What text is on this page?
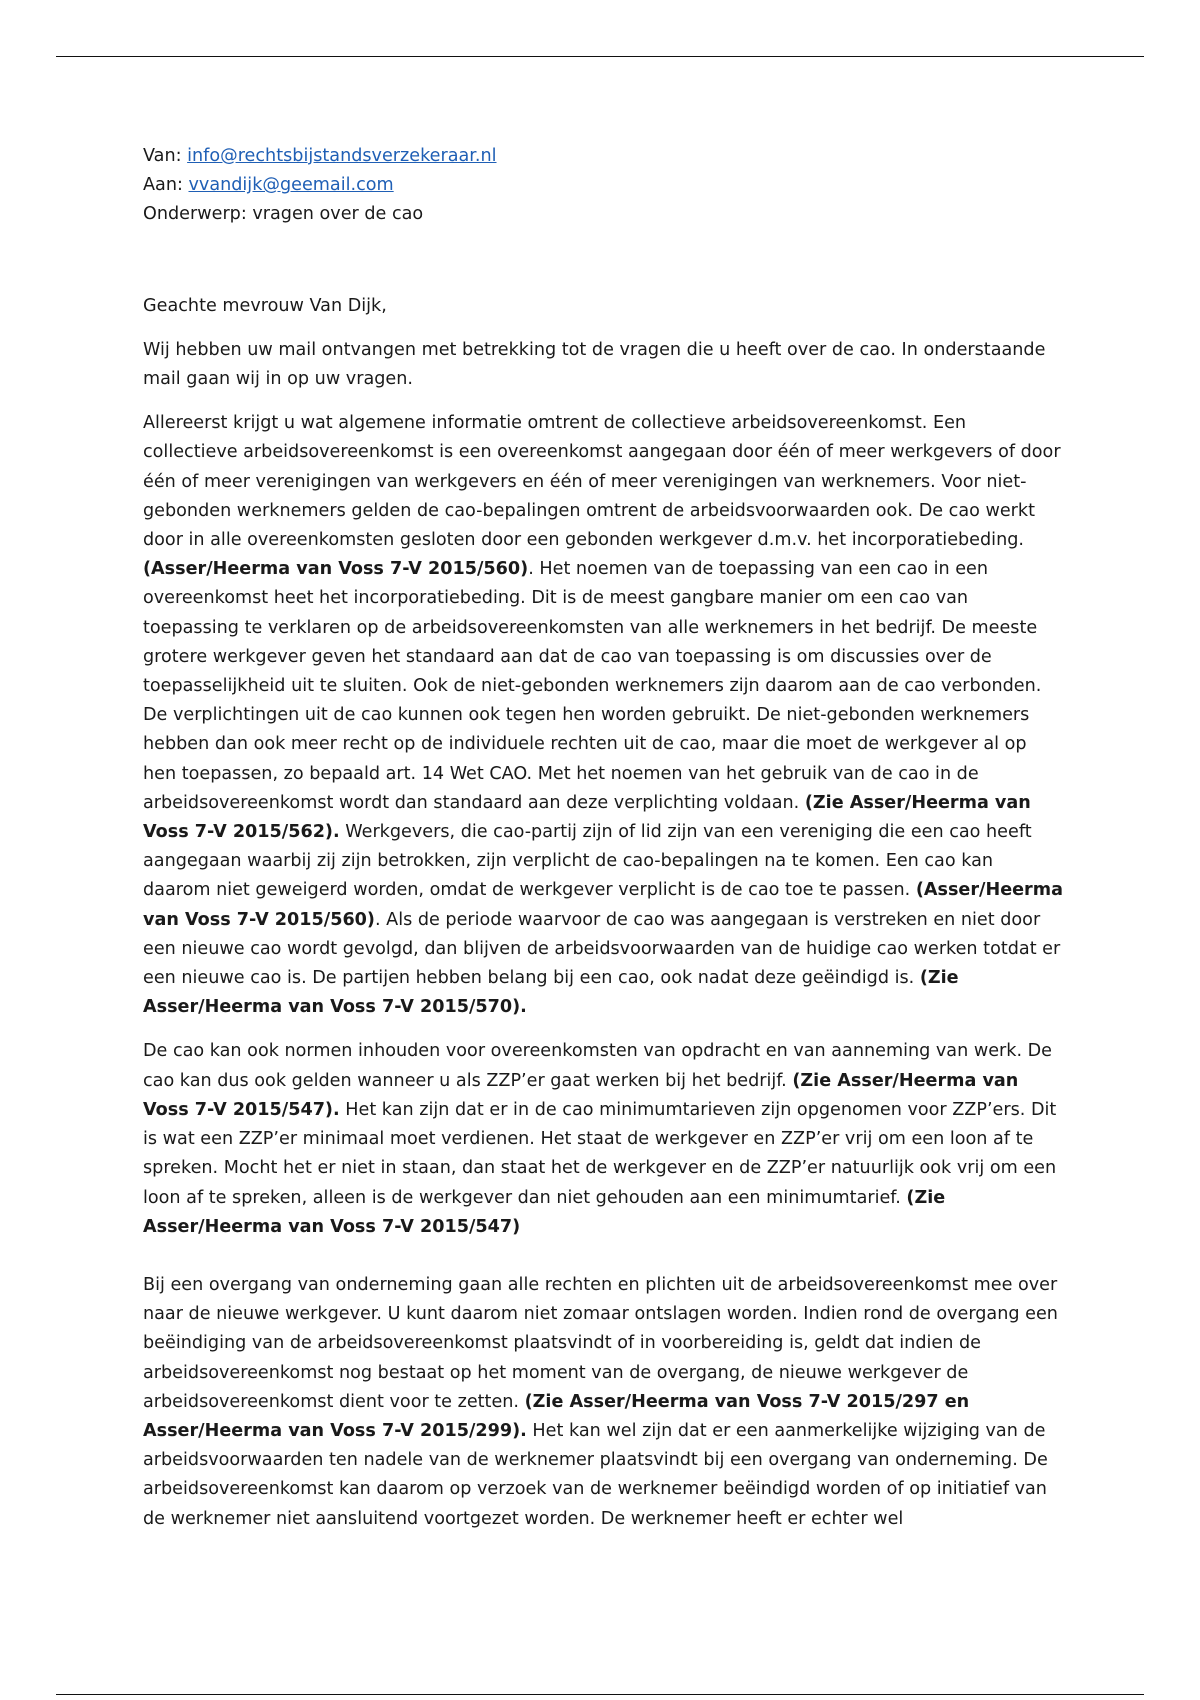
Van: info@rechtsbijstandsverzekeraar.nl

Aan: vvandijk@geemail.com

Onderwerp: vragen over de cao

Geachte mevrouw Van Dijk,

Wij hebben uw mail ontvangen met betrekking tot de vragen die u heeft over de cao. In onderstaande mail gaan wij in op uw vragen.

Allereerst krijgt u wat algemene informatie omtrent de collectieve arbeidsovereenkomst. Een collectieve arbeidsovereenkomst is een overeenkomst aangegaan door één of meer werkgevers of door één of meer verenigingen van werkgevers en één of meer verenigingen van werknemers. Voor niet-gebonden werknemers gelden de cao-bepalingen omtrent de arbeidsvoorwaarden ook. De cao werkt door in alle overeenkomsten gesloten door een gebonden werkgever d.m.v. het incorporatiebeding. (Asser/Heerma van Voss 7-V 2015/560). Het noemen van de toepassing van een cao in een overeenkomst heet het incorporatiebeding. Dit is de meest gangbare manier om een cao van toepassing te verklaren op de arbeidsovereenkomsten van alle werknemers in het bedrijf. De meeste grotere werkgever geven het standaard aan dat de cao van toepassing is om discussies over de toepasselijkheid uit te sluiten. Ook de niet-gebonden werknemers zijn daarom aan de cao verbonden. De verplichtingen uit de cao kunnen ook tegen hen worden gebruikt. De niet-gebonden werknemers hebben dan ook meer recht op de individuele rechten uit de cao, maar die moet de werkgever al op hen toepassen, zo bepaald art. 14 Wet CAO. Met het noemen van het gebruik van de cao in de arbeidsovereenkomst wordt dan standaard aan deze verplichting voldaan. (Zie Asser/Heerma van Voss 7-V 2015/562). Werkgevers, die cao-partij zijn of lid zijn van een vereniging die een cao heeft aangegaan waarbij zij zijn betrokken, zijn verplicht de cao-bepalingen na te komen. Een cao kan daarom niet geweigerd worden, omdat de werkgever verplicht is de cao toe te passen. (Asser/Heerma van Voss 7-V 2015/560). Als de periode waarvoor de cao was aangegaan is verstreken en niet door een nieuwe cao wordt gevolgd, dan blijven de arbeidsvoorwaarden van de huidige cao werken totdat er een nieuwe cao is. De partijen hebben belang bij een cao, ook nadat deze geëindigd is. (Zie Asser/Heerma van Voss 7-V 2015/570).

De cao kan ook normen inhouden voor overeenkomsten van opdracht en van aanneming van werk. De cao kan dus ook gelden wanneer u als ZZP’er gaat werken bij het bedrijf. (Zie Asser/Heerma van Voss 7-V 2015/547). Het kan zijn dat er in de cao minimumtarieven zijn opgenomen voor ZZP’ers. Dit is wat een ZZP’er minimaal moet verdienen. Het staat de werkgever en ZZP’er vrij om een loon af te spreken. Mocht het er niet in staan, dan staat het de werkgever en de ZZP’er natuurlijk ook vrij om een loon af te spreken, alleen is de werkgever dan niet gehouden aan een minimumtarief. (Zie Asser/Heerma van Voss 7-V 2015/547)

Bij een overgang van onderneming gaan alle rechten en plichten uit de arbeidsovereenkomst mee over naar de nieuwe werkgever. U kunt daarom niet zomaar ontslagen worden. Indien rond de overgang een beëindiging van de arbeidsovereenkomst plaatsvindt of in voorbereiding is, geldt dat indien de arbeidsovereenkomst nog bestaat op het moment van de overgang, de nieuwe werkgever de arbeidsovereenkomst dient voor te zetten. (Zie Asser/Heerma van Voss 7-V 2015/297 en Asser/Heerma van Voss 7-V 2015/299). Het kan wel zijn dat er een aanmerkelijke wijziging van de arbeidsvoorwaarden ten nadele van de werknemer plaatsvindt bij een overgang van onderneming. De arbeidsovereenkomst kan daarom op verzoek van de werknemer beëindigd worden of op initiatief van de werknemer niet aansluitend voortgezet worden. De werknemer heeft er echter wel
